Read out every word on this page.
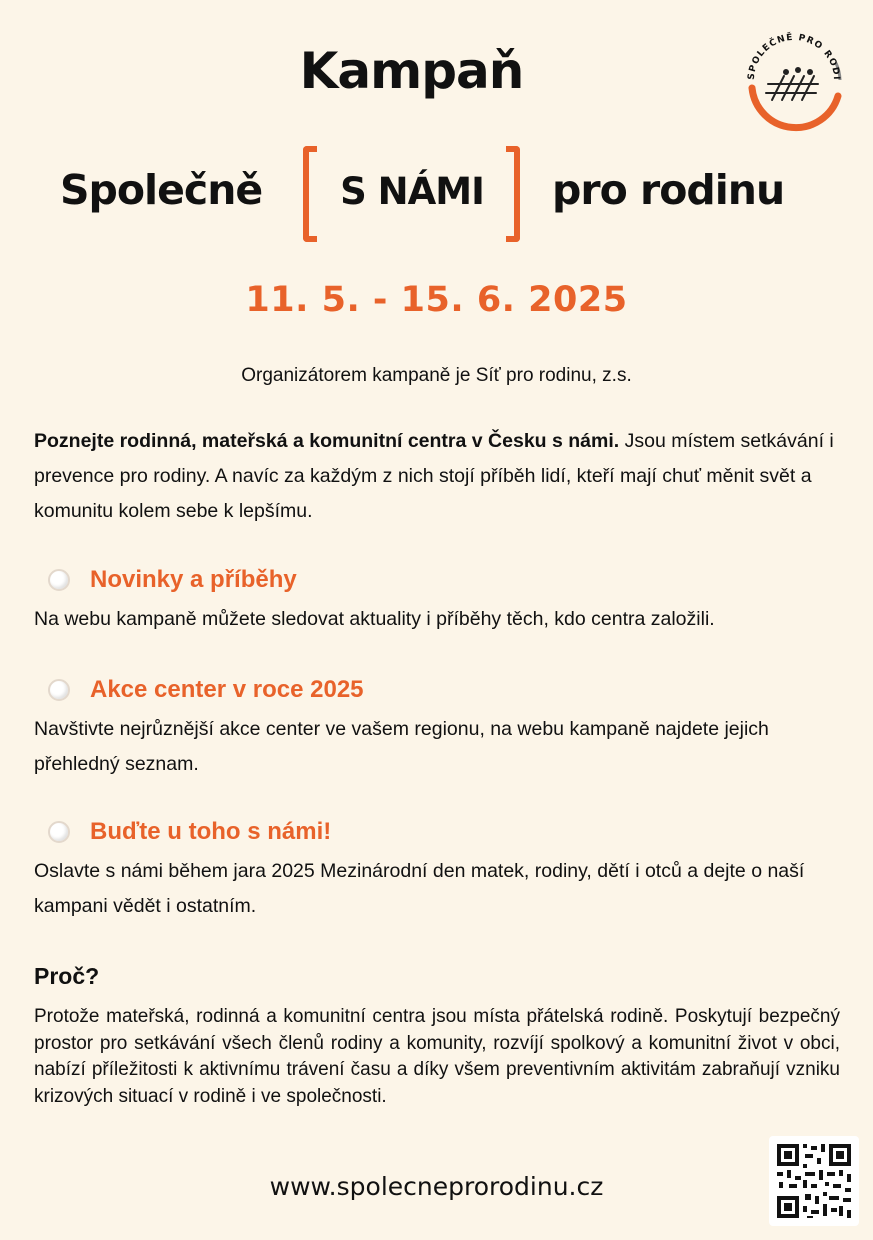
SPOLEČNĚ PRO RODI
Kampaň
Společně	S NÁMI	pro rodinu
11. 5. - 15. 6. 2025
Organizátorem kampaně je Síť pro rodinu, z.s.
Poznejte rodinná, mateřská a komunitní centra v Česku s námi. Jsou místem setkávání i prevence pro rodiny. A navíc za každým z nich stojí příběh lidí, kteří mají chuť měnit svět a komunitu kolem sebe k lepšímu.
Novinky a příběhy
Na webu kampaně můžete sledovat aktuality i příběhy těch, kdo centra založili.
Akce center v roce 2025
Navštivte nejrůznější akce center ve vašem regionu, na webu kampaně najdete jejich přehledný seznam.
Buďte u toho s námi!
Oslavte s námi během jara 2025 Mezinárodní den matek, rodiny, dětí i otců a dejte o naší kampani vědět i ostatním.
Proč?
Protože mateřská, rodinná a komunitní centra jsou místa přátelská rodině. Poskytují bezpečný prostor pro setkávání všech členů rodiny a komunity, rozvíjí spolkový a komunitní život v obci, nabízí příležitosti k aktivnímu trávení času a díky všem preventivním aktivitám zabraňují vzniku krizových situací v rodině i ve společnosti.
www.spolecneprorodinu.cz
